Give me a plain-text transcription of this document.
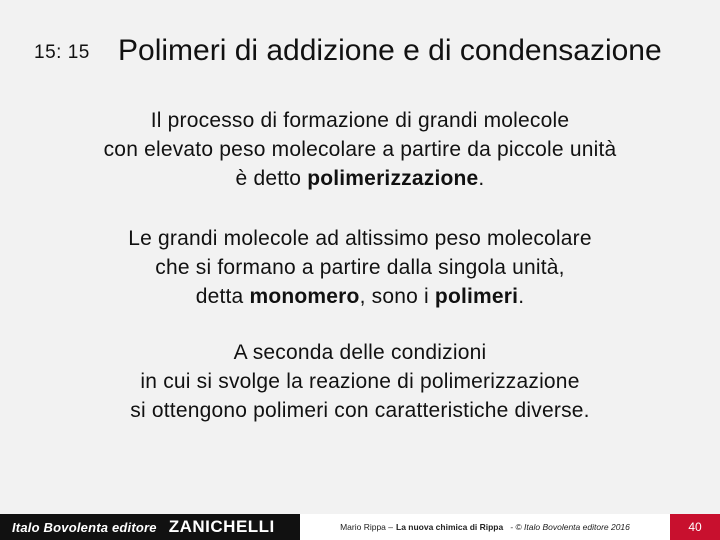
15: 15 Polimeri di addizione e di condensazione

Il processo di formazione di grandi molecole
con elevato peso molecolare a partire da piccole unità
è detto polimerizzazione.

Le grandi molecole ad altissimo peso molecolare
che si formano a partire dalla singola unità,
detta monomero, sono i polimeri.

A seconda delle condizioni
in cui si svolge la reazione di polimerizzazione
si ottengono polimeri con caratteristiche diverse.

Italo Bovolenta editore ZANICHELLI	Mario Rippa – La nuova chimica di Rippa - © Italo Bovolenta editore 2016	40
